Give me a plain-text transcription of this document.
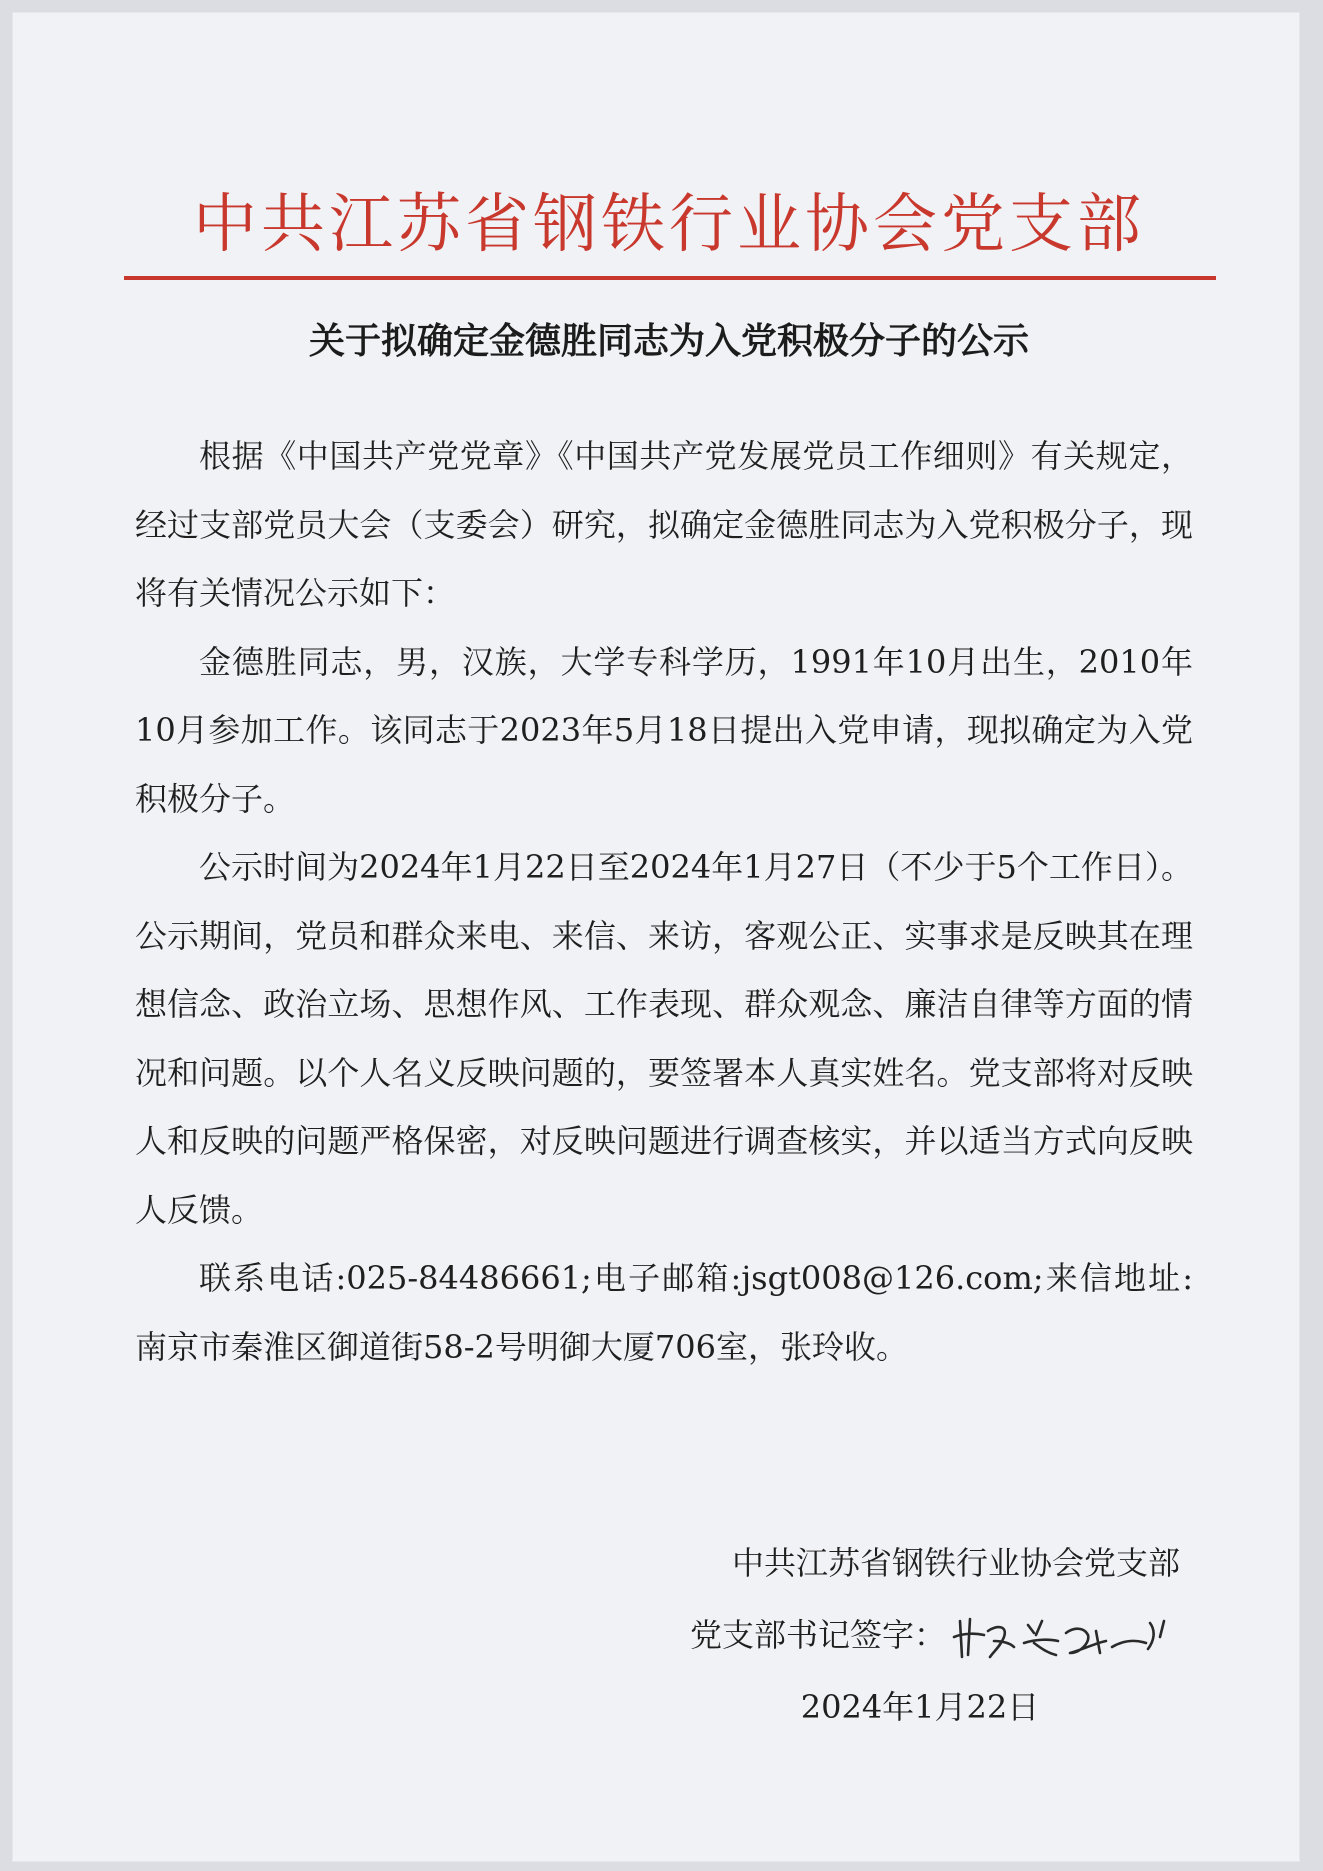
中共江苏省钢铁行业协会党支部
关于拟确定金德胜同志为入党积极分子的公示

根据《中国共产党党章》《中国共产党发展党员工作细则》有关规定，经过支部党员大会（支委会）研究，拟确定金德胜同志为入党积极分子，现将有关情况公示如下：

金德胜同志，男，汉族，大学专科学历，1991年10月出生，2010年10月参加工作。该同志于2023年5月18日提出入党申请，现拟确定为入党积极分子。

公示时间为2024年1月22日至2024年1月27日（不少于5个工作日）。公示期间，党员和群众来电、来信、来访，客观公正、实事求是反映其在理想信念、政治立场、思想作风、工作表现、群众观念、廉洁自律等方面的情况和问题。以个人名义反映问题的，要签署本人真实姓名。党支部将对反映人和反映的问题严格保密，对反映问题进行调查核实，并以适当方式向反映人反馈。

联系电话:025-84486661;电子邮箱:jsgt008@126.com;来信地址:南京市秦淮区御道街58-2号明御大厦706室，张玲收。

中共江苏省钢铁行业协会党支部
党支部书记签字：
2024年1月22日
